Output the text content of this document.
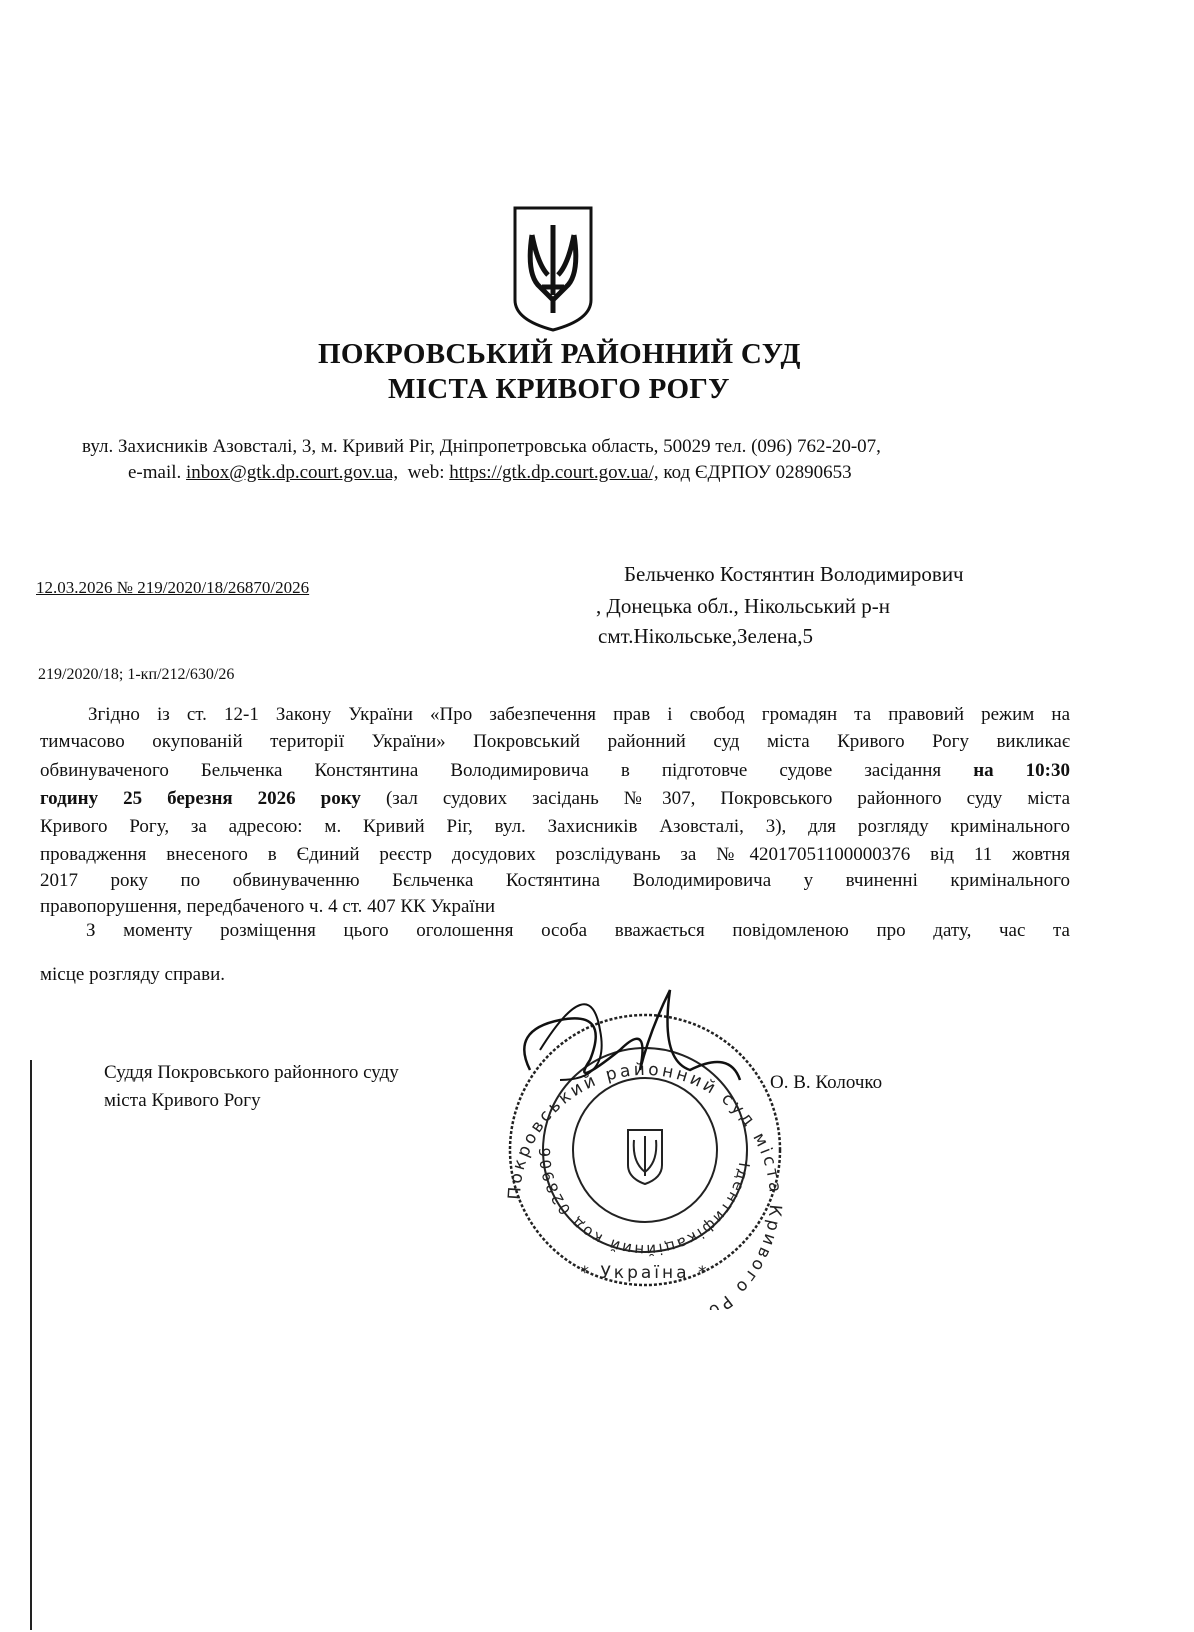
ПОКРОВСЬКИЙ РАЙОННИЙ СУД
МІСТА КРИВОГО РОГУ
вул. Захисників Азовсталі, 3, м. Кривий Ріг, Дніпропетровська область, 50029 тел. (096) 762-20-07,
e-mail. inbox@gtk.dp.court.gov.ua, web: https://gtk.dp.court.gov.ua/, код ЄДРПОУ 02890653
12.03.2026 № 219/2020/18/26870/2026
Бельченко Костянтин Володимирович
, Донецька обл., Нікольський р-н
смт.Нікольське,Зелена,5
219/2020/18; 1-кп/212/630/26
Згідно із ст. 12-1 Закону України «Про забезпечення прав і свобод громадян та правовий режим на
тимчасово окупованій території України» Покровський районний суд міста Кривого Рогу викликає
обвинуваченого Бельченка Констянтина Володимировича в підготовче судове засідання на 10:30
годину 25 березня 2026 року (зал судових засідань №307, Покровського районного суду міста
Кривого Рогу, за адресою: м. Кривий Ріг, вул. Захисників Азовсталі, 3), для розгляду кримінального
провадження внесеного в Єдиний реєстр досудових розслідувань за №42017051100000376 від 11 жовтня
2017 року по обвинуваченню Бєльченка Костянтина Володимировича у вчиненні кримінального
правопорушення, передбаченого ч. 4 ст. 407 КК України
З моменту розміщення цього оголошення особа вважається повідомленою про дату, час та
місце розгляду справи.
Суддя Покровського районного суду
міста Кривого Рогу
О. В. Колочко
Покровський районний суд міста Кривого Р
Ідентифікаційний код 028906
* Україна *
